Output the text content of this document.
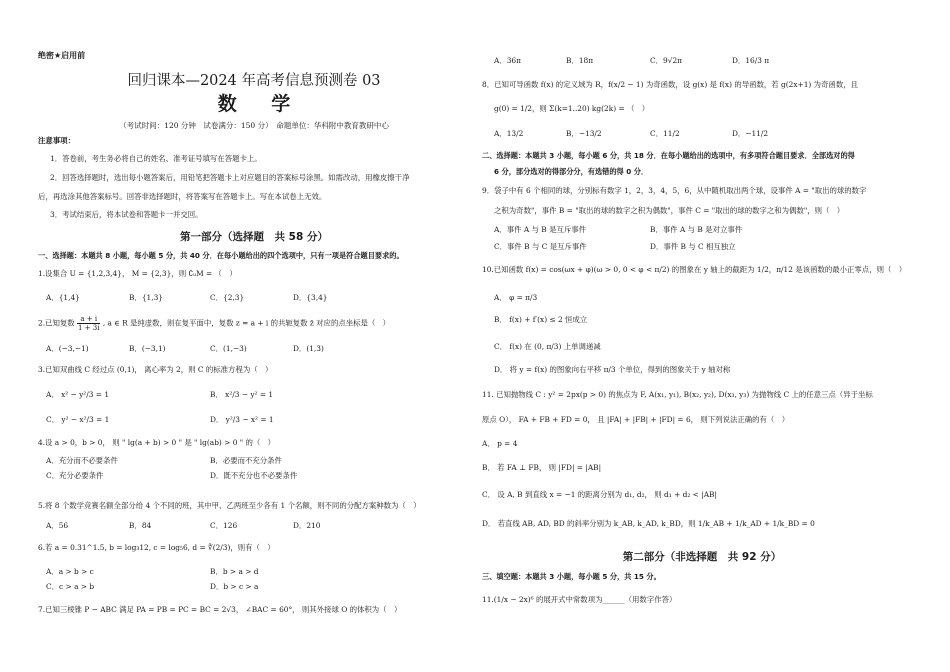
绝密★启用前
回归课本—2024 年高考信息预测卷 03
数 学
（考试时间：120 分钟　试卷满分：150 分）　命题单位：华科附中教育教研中心
注意事项：
1．答卷前，考生务必将自己的姓名、准考证号填写在答题卡上。
2．回答选择题时，选出每小题答案后，用铅笔把答题卡上对应题目的答案标号涂黑。如需改动，用橡皮擦干净
后，再选涂其他答案标号。回答非选择题时，将答案写在答题卡上。写在本试卷上无效。
3．考试结束后，将本试卷和答题卡一并交回。
第一部分（选择题　共 58 分）
一、选择题：本题共 8 小题，每小题 5 分，共 40 分．在每小题给出的四个选项中，只有一项是符合题目要求的。
1.设集合 U = {1,2,3,4}， M = {2,3}，则 ∁ᵤM = （　）
A．{1,4}	B．{1,3}	C．{2,3}	D．{3,4}
2.已知复数 $\frac{a + i}{1 + 3i}$ , a ∈ R 是纯虚数，则在复平面中，复数 z = a + i 的共轭复数 z̄ 对应的点坐标是（　）
A．(−3,−1)	B．(−3,1)	C．(1,−3)	D．(1,3)
3.已知双曲线 C 经过点 (0,1)， 离心率为 2，则 C 的标准方程为（　）
A． x² − y²/3 = 1	B． x²/3 − y² = 1
C． y² − x²/3 = 1	D． y²/3 − x² = 1
4.设 a > 0，b > 0， 则 " lg(a + b) > 0 " 是 " lg(ab) > 0 " 的（　）
A．充分而不必要条件	B．必要而不充分条件
C．充分必要条件	D．既不充分也不必要条件
5.将 8 个数学竞赛名额全部分给 4 个不同的班，其中甲、乙两班至少各有 1 个名额，则不同的分配方案种数为（　）
A．56	B．84	C．126	D．210
6.若 a = 0.31^1.5, b = log₃12, c = log₅6, d = ∜(2/3)，则有（　）
A．a > b > c	B．b > a > d
C．c > a > b	D．b > c > a
7.已知三棱锥 P − ABC 满足 PA = PB = PC = BC = 2√3， ∠BAC = 60°， 则其外接球 O 的体积为（　）
A．36π	B．18π	C．9√2π	D．16/3 π
8．已知可导函数 f(x) 的定义域为 R，f(x/2 − 1) 为奇函数，设 g(x) 是 f(x) 的导函数，若 g(2x+1) 为奇函数，且
g(0) = 1/2，则 Σ(k=1..20) kg(2k) = （　）
A．13/2	B．−13/2	C．11/2	D．−11/2
二、选择题：本题共 3 小题，每小题 6 分，共 18 分．在每小题给出的选项中，有多项符合题目要求．全部选对的得
6 分，部分选对的得部分分，有选错的得 0 分．
9．袋子中有 6 个相同的球，分别标有数字 1，2，3，4，5，6，从中随机取出两个球，设事件 A = "取出的球的数字
之积为奇数"，事件 B = "取出的球的数字之积为偶数"，事件 C = "取出的球的数字之和为偶数"，则（　）
A．事件 A 与 B 是互斥事件	B．事件 A 与 B 是对立事件
C．事件 B 与 C 是互斥事件	D．事件 B 与 C 相互独立
10.已知函数 f(x) = cos(ωx + φ)(ω > 0, 0 < φ < π/2) 的图象在 y 轴上的截距为 1/2，π/12 是该函数的最小正零点，则（　）
A． φ = π/3
B． f(x) + f′(x) ≤ 2 恒成立
C． f(x) 在 (0, π/3) 上单调递减
D． 将 y = f(x) 的图象向右平移 π/3 个单位，得到的图象关于 y 轴对称
11. 已知抛物线 C : y² = 2px(p > 0) 的焦点为 F, A(x₁, y₁), B(x₂, y₂), D(x₃, y₃) 为抛物线 C 上的任意三点（异于坐标
原点 O）， FA + FB + FD = 0， 且 |FA| + |FB| + |FD| = 6， 则下列说法正确的有（　）
A． p = 4
B． 若 FA ⊥ FB， 则 |FD| = |AB|
C． 设 A, B 到直线 x = −1 的距离分别为 d₁, d₂， 则 d₁ + d₂ < |AB|
D． 若直线 AB, AD, BD 的斜率分别为 k_AB, k_AD, k_BD，则 1/k_AB + 1/k_AD + 1/k_BD = 0
第二部分（非选择题　共 92 分）
三、填空题：本题共 3 小题，每小题 5 分，共 15 分。
11.(1/x − 2x)⁶ 的展开式中常数项为______（用数字作答）
